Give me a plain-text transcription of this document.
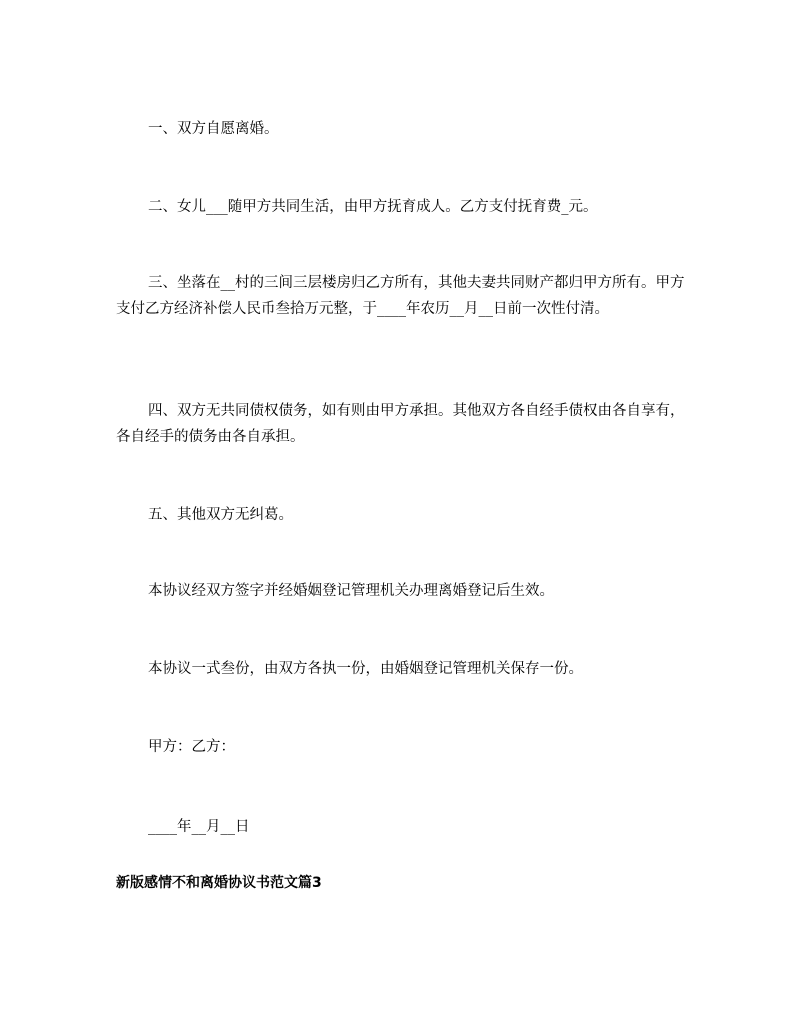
一、双方自愿离婚。

二、女儿___随甲方共同生活，由甲方抚育成人。乙方支付抚育费_元。

三、坐落在__村的三间三层楼房归乙方所有，其他夫妻共同财产都归甲方所有。甲方支付乙方经济补偿人民币叁拾万元整，于____年农历__月__日前一次性付清。

四、双方无共同债权债务，如有则由甲方承担。其他双方各自经手债权由各自享有，各自经手的债务由各自承担。

五、其他双方无纠葛。

本协议经双方签字并经婚姻登记管理机关办理离婚登记后生效。

本协议一式叁份，由双方各执一份，由婚姻登记管理机关保存一份。

甲方：乙方：

____年__月__日

新版感情不和离婚协议书范文篇3
